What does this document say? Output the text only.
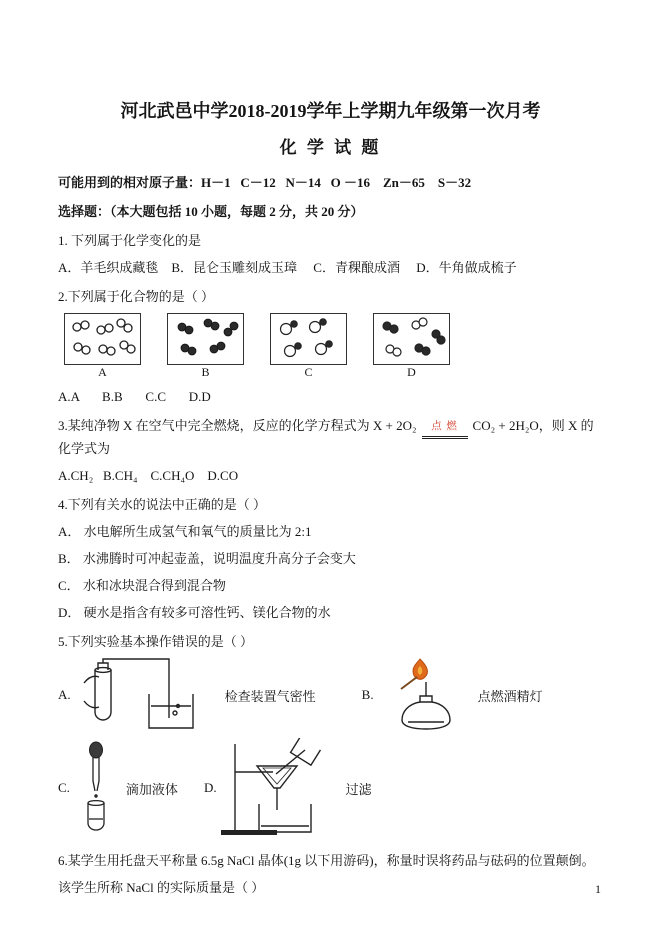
河北武邑中学2018-2019学年上学期九年级第一次月考
化 学 试 题

可能用到的相对原子量：H－1   C－12   N－14   O －16    Zn－65    S－32

选择题：（本大题包括 10 小题，每题 2 分，共 20 分）

1. 下列属于化学变化的是

A．羊毛织成藏毯    B．昆仑玉雕刻成玉璋     C．青稞酿成酒     D．牛角做成梳子

2.下列属于化合物的是（ ）

A	B	C	D

A.A       B.B       C.C       D.D

3.某纯净物 X 在空气中完全燃烧，反应的化学方程式为 X + 2O₂ 点 燃 CO₂ + 2H₂O，则 X 的化学式为

A.CH₂   B.CH₄    C.CH₄O    D.CO

4.下列有关水的说法中正确的是（ ）

A． 水电解所生成氢气和氧气的质量比为 2:1

B． 水沸腾时可冲起壶盖，说明温度升高分子会变大

C． 水和冰块混合得到混合物

D． 硬水是指含有较多可溶性钙、镁化合物的水

5.下列实验基本操作错误的是（ ）

A.	检查装置气密性	B.	点燃酒精灯
C.	滴加液体 D.	过滤

6.某学生用托盘天平称量 6.5g NaCl 晶体(1g 以下用游码)，称量时误将药品与砝码的位置颠倒。该学生所称 NaCl 的实际质量是（ ）	1
